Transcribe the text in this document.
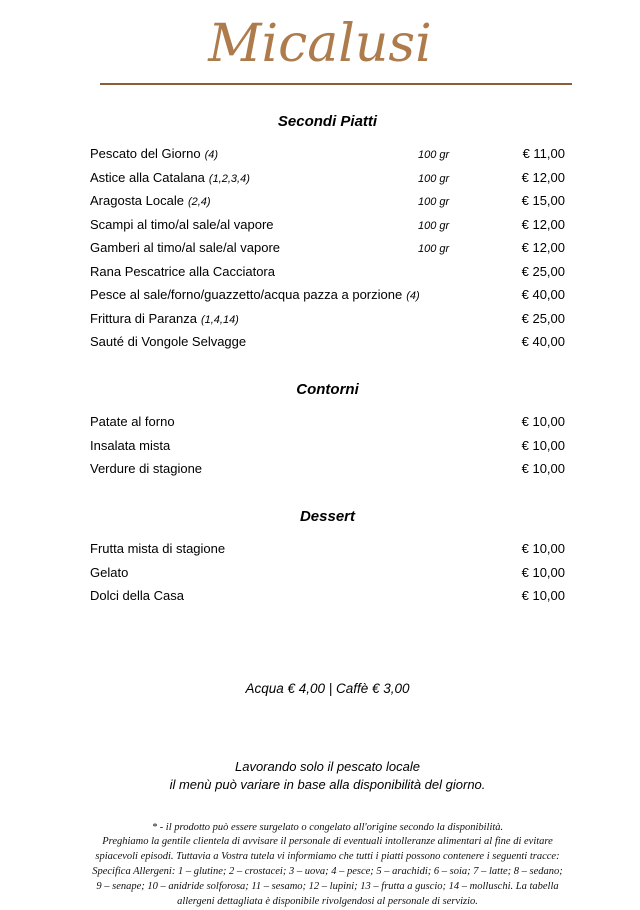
Micalusi
Secondi Piatti
Pescato del Giorno (4)	100 gr	€ 11,00
Astice alla Catalana (1,2,3,4)	100 gr	€ 12,00
Aragosta Locale (2,4)	100 gr	€ 15,00
Scampi al timo/al sale/al vapore	100 gr	€ 12,00
Gamberi al timo/al sale/al vapore	100 gr	€ 12,00
Rana Pescatrice alla Cacciatora	€ 25,00
Pesce al sale/forno/guazzetto/acqua pazza a porzione (4)	€ 40,00
Frittura di Paranza (1,4,14)	€ 25,00
Sauté di Vongole Selvagge	€ 40,00
Contorni
Patate al forno	€ 10,00
Insalata mista	€ 10,00
Verdure di stagione	€ 10,00
Dessert
Frutta mista di stagione	€ 10,00
Gelato	€ 10,00
Dolci della Casa	€ 10,00
Acqua € 4,00 | Caffè € 3,00
Lavorando solo il pescato locale
il menù può variare in base alla disponibilità del giorno.
* - il prodotto può essere surgelato o congelato all'origine secondo la disponibilità.
Preghiamo la gentile clientela di avvisare il personale di eventuali intolleranze alimentari al fine di evitare
spiacevoli episodi. Tuttavia a Vostra tutela vi informiamo che tutti i piatti possono contenere i seguenti tracce:
Specifica Allergeni: 1 – glutine; 2 – crostacei; 3 – uova; 4 – pesce; 5 – arachidi; 6 – soia; 7 – latte; 8 – sedano;
9 – senape; 10 – anidride solforosa; 11 – sesamo; 12 – lupini; 13 – frutta a guscio; 14 – molluschi. La tabella
allergeni dettagliata è disponibile rivolgendosi al personale di servizio.
